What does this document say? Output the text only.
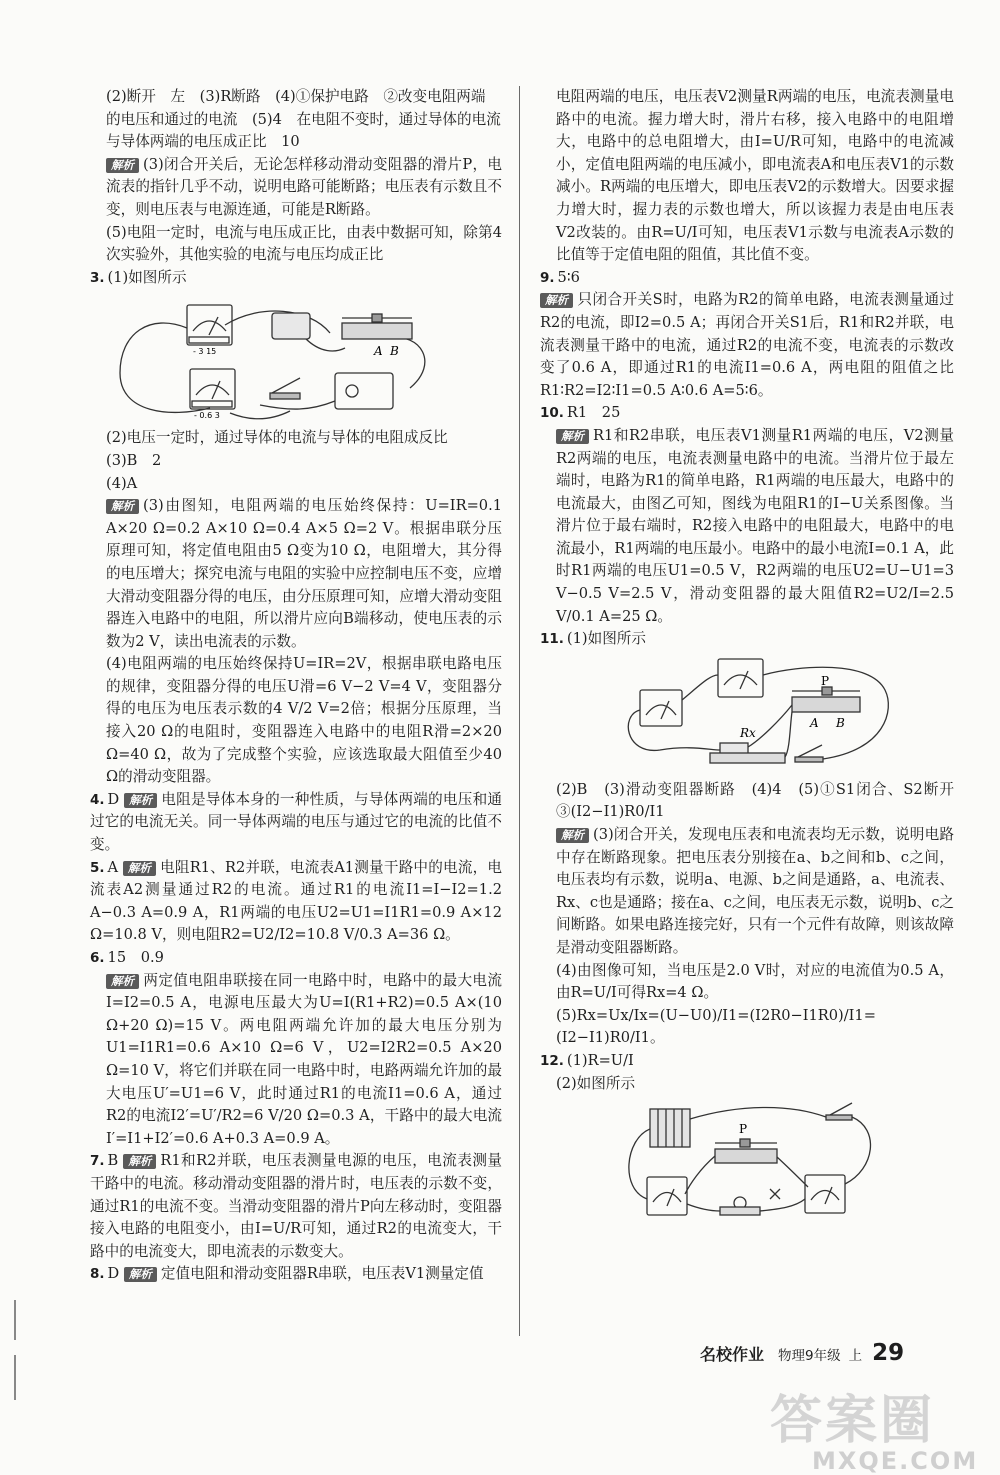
(2)断开　左　(3)R断路　(4)①保护电路　②改变电阻两端
的电压和通过的电流　(5)4　在电阻不变时，通过导体的电流
与导体两端的电压成正比　10

解析 (3)闭合开关后，无论怎样移动滑动变阻器的滑片P，电流表的指针几乎不动，说明电路可能断路；电压表有示数且不变，则电压表与电源连通，可能是R断路。

(5)电阻一定时，电流与电压成正比，由表中数据可知，除第4次实验外，其他实验的电流与电压均成正比

3. (1)如图所示

A B
- 3 15
- 0.6 3

(2)电压一定时，通过导体的电流与导体的电阻成反比

(3)B　2

(4)A

解析 (3)由图知，电阻两端的电压始终保持：U=IR=0.1 A×20 Ω=0.2 A×10 Ω=0.4 A×5 Ω=2 V。根据串联分压原理可知，将定值电阻由5 Ω变为10 Ω，电阻增大，其分得的电压增大；探究电流与电阻的实验中应控制电压不变，应增大滑动变阻器分得的电压，由分压原理可知，应增大滑动变阻器连入电路中的电阻，所以滑片应向B端移动，使电压表的示数为2 V，读出电流表的示数。

(4)电阻两端的电压始终保持U=IR=2V，根据串联电路电压的规律，变阻器分得的电压U滑=6 V−2 V=4 V，变阻器分得的电压为电压表示数的4 V/2 V=2倍；根据分压原理，当接入20 Ω的电阻时，变阻器连入电路中的电阻R滑=2×20 Ω=40 Ω，故为了完成整个实验，应该选取最大阻值至少40 Ω的滑动变阻器。

4. D 解析 电阻是导体本身的一种性质，与导体两端的电压和通过它的电流无关。同一导体两端的电压与通过它的电流的比值不变。

5. A 解析 电阻R1、R2并联，电流表A1测量干路中的电流，电流表A2测量通过R2的电流。通过R1的电流I1=I−I2=1.2 A−0.3 A=0.9 A，R1两端的电压U2=U1=I1R1=0.9 A×12 Ω=10.8 V，则电阻R2=U2/I2=10.8 V/0.3 A=36 Ω。

6. 15　0.9

解析 两定值电阻串联接在同一电路中时，电路中的最大电流I=I2=0.5 A，电源电压最大为U=I(R1+R2)=0.5 A×(10 Ω+20 Ω)=15 V。两电阻两端允许加的最大电压分别为U1=I1R1=0.6 A×10 Ω=6 V，U2=I2R2=0.5 A×20 Ω=10 V，将它们并联在同一电路中时，电路两端允许加的最大电压U′=U1=6 V，此时通过R1的电流I1=0.6 A，通过R2的电流I2′=U′/R2=6 V/20 Ω=0.3 A，干路中的最大电流I′=I1+I2′=0.6 A+0.3 A=0.9 A。

7. B 解析 R1和R2并联，电压表测量电源的电压，电流表测量干路中的电流。移动滑动变阻器的滑片时，电压表的示数不变，通过R1的电流不变。当滑动变阻器的滑片P向左移动时，变阻器接入电路的电阻变小，由I=U/R可知，通过R2的电流变大，干路中的电流变大，即电流表的示数变大。

8. D 解析 定值电阻和滑动变阻器R串联，电压表V1测量定值

电阻两端的电压，电压表V2测量R两端的电压，电流表测量电路中的电流。握力增大时，滑片右移，接入电路中的电阻增大，电路中的总电阻增大，由I=U/R可知，电路中的电流减小，定值电阻两端的电压减小，即电流表A和电压表V1的示数减小。R两端的电压增大，即电压表V2的示数增大。因要求握力增大时，握力表的示数也增大，所以该握力表是由电压表V2改装的。由R=U/I可知，电压表V1示数与电流表A示数的比值等于定值电阻的阻值，其比值不变。

9. 5∶6

解析 只闭合开关S时，电路为R2的简单电路，电流表测量通过R2的电流，即I2=0.5 A；再闭合开关S1后，R1和R2并联，电流表测量干路中的电流，通过R2的电流不变，电流表的示数改变了0.6 A，即通过R1的电流I1=0.6 A，两电阻的阻值之比R1∶R2=I2∶I1=0.5 A∶0.6 A=5∶6。

10. R1　25

解析 R1和R2串联，电压表V1测量R1两端的电压，V2测量R2两端的电压，电流表测量电路中的电流。当滑片位于最左端时，电路为R1的简单电路，R1两端的电压最大，电路中的电流最大，由图乙可知，图线为电阻R1的I−U关系图像。当滑片位于最右端时，R2接入电路中的电阻最大，电路中的电流最小，R1两端的电压最小。电路中的最小电流I=0.1 A，此时R1两端的电压U1=0.5 V，R2两端的电压U2=U−U1=3 V−0.5 V=2.5 V，滑动变阻器的最大阻值R2=U2/I=2.5 V/0.1 A=25 Ω。

11. (1)如图所示

P
Rx
A B

(2)B　(3)滑动变阻器断路　(4)4　(5)①S1闭合、S2断开　③(I2−I1)R0/I1

解析 (3)闭合开关，发现电压表和电流表均无示数，说明电路中存在断路现象。把电压表分别接在a、b之间和b、c之间，电压表均有示数，说明a、电源、b之间是通路，a、电流表、Rx、c也是通路；接在a、c之间，电压表无示数，说明b、c之间断路。如果电路连接完好，只有一个元件有故障，则该故障是滑动变阻器断路。

(4)由图像可知，当电压是2.0 V时，对应的电流值为0.5 A，由R=U/I可得Rx=4 Ω。

(5)Rx=Ux/Ix=(U−U0)/I1=(I2R0−I1R0)/I1=(I2−I1)R0/I1。

12. (1)R=U/I

(2)如图所示

P
名校作业 物理9年级 上 29
答案圈
MXQE.COM
